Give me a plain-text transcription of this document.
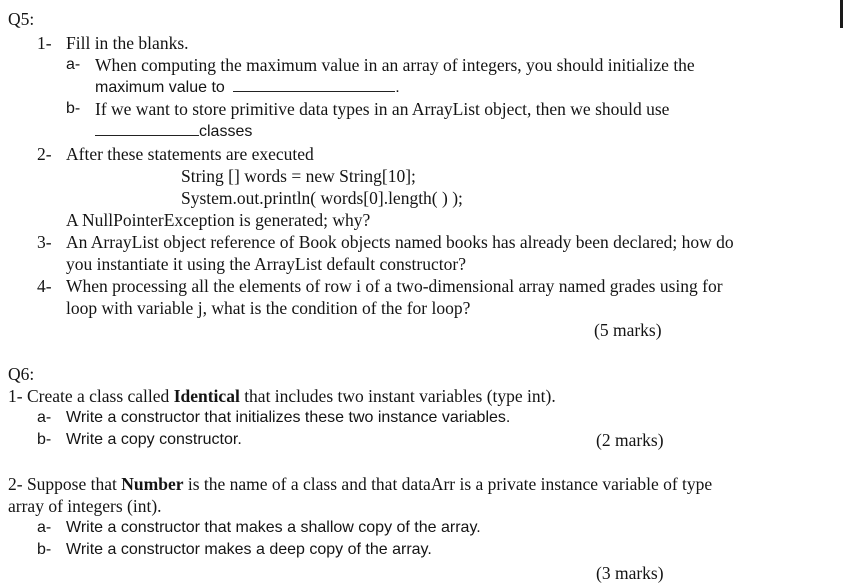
Q5:
1- Fill in the blanks.
a- When computing the maximum value in an array of integers, you should initialize the
maximum value to	.
b- If we want to store primitive data types in an ArrayList object, then we should use
classes
2- After these statements are executed
String [] words = new String[10];
System.out.println( words[0].length( ) );
A NullPointerException is generated; why?
3- An ArrayList object reference of Book objects named books has already been declared; how do
you instantiate it using the ArrayList default constructor?
4- When processing all the elements of row i of a two-dimensional array named grades using for
loop with variable j, what is the condition of the for loop?
(5 marks)
Q6:
1- Create a class called Identical that includes two instant variables (type int).
a- Write a constructor that initializes these two instance variables.
b- Write a copy constructor.	(2 marks)
2- Suppose that Number is the name of a class and that dataArr is a private instance variable of type
array of integers (int).
a- Write a constructor that makes a shallow copy of the array.
b- Write a constructor makes a deep copy of the array.
(3 marks)
